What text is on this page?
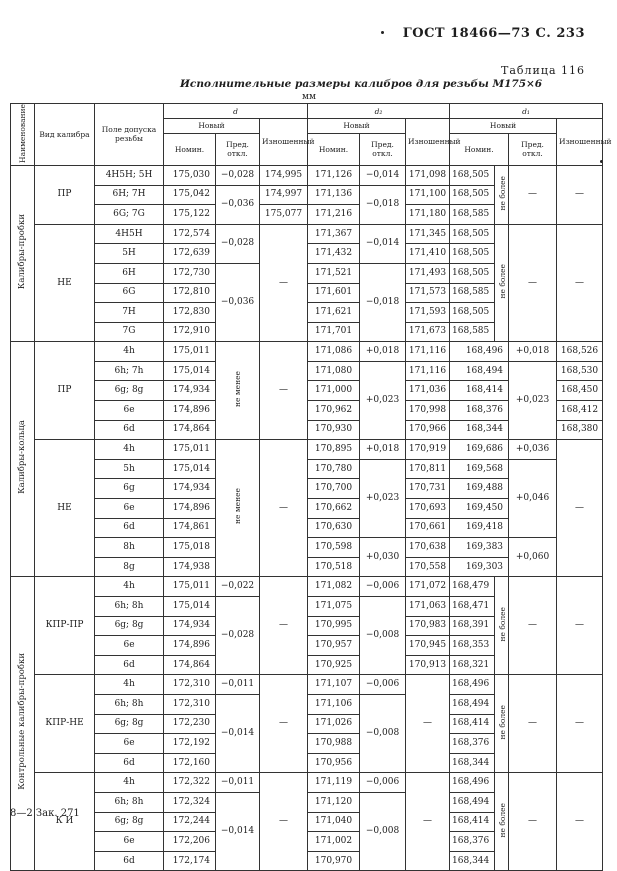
ГОСТ 18466—73 С. 233
Таблица 116
Исполнительные размеры калибров для резьбы М175×6
мм
Наименование	Вид калибра	Поле допуска резьбы	d			d₂			d₁			
			Новый		Изношенный	Новый		Изношенный	Новый			Изношенный
			Номин.	Пред. откл.		Номин.	Пред. откл.		Номин.		Пред. откл.	
Калибры-пробки	ПР	4Н5Н; 5Н	175,030	−0,028	174,995	171,126	−0,014	171,098	168,505	не более	—	—
		6Н; 7Н	175,042	−0,036	174,997	171,136	−0,018	171,100	168,505			
		6G; 7G	175,122		175,077	171,216		171,180	168,585			
	НЕ	4Н5Н	172,574	−0,028	—	171,367	−0,014	171,345	168,505	не более	—	—
		5Н	172,639			171,432		171,410	168,505			
		6Н	172,730	−0,036		171,521	−0,018	171,493	168,505			
		6G	172,810			171,601		171,573	168,585			
		7Н	172,830			171,621		171,593	168,505			
		7G	172,910			171,701		171,673	168,585			
Калибры-кольца	ПР	4h	175,011	не менее	—	171,086	+0,018	171,116	168,496		+0,018	168,526
		6h; 7h	175,014			171,080	+0,023	171,116	168,494		+0,023	168,530
		6g; 8g	174,934			171,000		171,036	168,414			168,450
		6e	174,896			170,962		170,998	168,376			168,412
		6d	174,864			170,930		170,966	168,344			168,380
	НЕ	4h	175,011	не менее	—	170,895	+0,018	170,919	169,686		+0,036	—
		5h	175,014			170,780	+0,023	170,811	169,568		+0,046	
		6g	174,934			170,700		170,731	169,488			
		6e	174,896			170,662		170,693	169,450			
		6d	174,861			170,630		170,661	169,418			
		8h	175,018			170,598	+0,030	170,638	169,383		+0,060	
		8g	174,938			170,518		170,558	169,303			
Контрольные калибры-пробки	КПР-ПР	4h	175,011	−0,022	—	171,082	−0,006	171,072	168,479	не более	—	—
		6h; 8h	175,014	−0,028		171,075	−0,008	171,063	168,471			
		6g; 8g	174,934			170,995		170,983	168,391			
		6e	174,896			170,957		170,945	168,353			
		6d	174,864			170,925		170,913	168,321			
	КПР-НЕ	4h	172,310	−0,011	—	171,107	−0,006	—	168,496	не более	—	—
		6h; 8h	172,310	−0,014		171,106	−0,008		168,494			
		6g; 8g	172,230			171,026			168,414			
		6e	172,192			170,988			168,376			
		6d	172,160			170,956			168,344			
	К И	4h	172,322	−0,011	—	171,119	−0,006	—	168,496	не более	—	—
		6h; 8h	172,324	−0,014		171,120	−0,008		168,494			
		6g; 8g	172,244			171,040			168,414			
		6e	172,206			171,002			168,376			
		6d	172,174			170,970			168,344			
8—2 Зак. 271
